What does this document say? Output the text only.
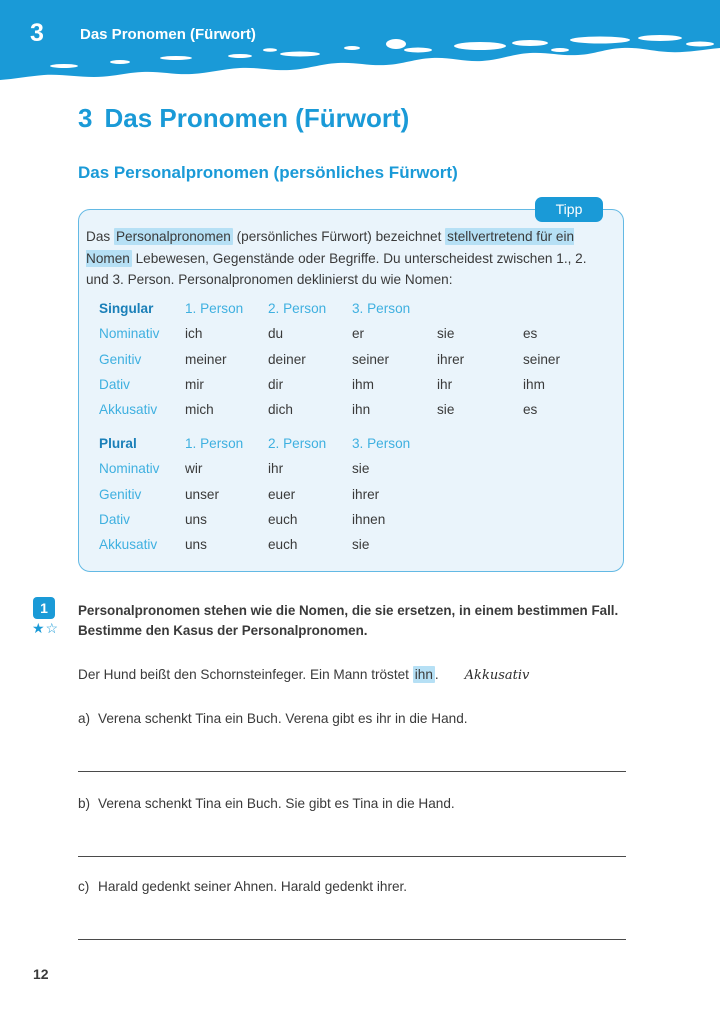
3 Das Pronomen (Fürwort)
3 Das Pronomen (Fürwort)
Das Personalpronomen (persönliches Fürwort)
Tipp
Das Personalpronomen (persönliches Fürwort) bezeichnet stellvertretend für ein Nomen Lebewesen, Gegenstände oder Begriffe. Du unterscheidest zwischen 1., 2. und 3. Person. Personalpronomen deklinierst du wie Nomen:
Singular	1. Person	2. Person	3. Person		
Nominativ	ich	du	er	sie	es
Genitiv	meiner	deiner	seiner	ihrer	seiner
Dativ	mir	dir	ihm	ihr	ihm
Akkusativ	mich	dich	ihn	sie	es
Plural	1. Person	2. Person	3. Person		
Nominativ	wir	ihr	sie		
Genitiv	unser	euer	ihrer		
Dativ	uns	euch	ihnen		
Akkusativ	uns	euch	sie		
1
★☆
Personalpronomen stehen wie die Nomen, die sie ersetzen, in einem bestimmen Fall. Bestimme den Kasus der Personalpronomen.
Der Hund beißt den Schornsteinfeger. Ein Mann tröstet ihn . Akkusativ
a) Verena schenkt Tina ein Buch. Verena gibt es ihr in die Hand.
b) Verena schenkt Tina ein Buch. Sie gibt es Tina in die Hand.
c) Harald gedenkt seiner Ahnen. Harald gedenkt ihrer.
12
